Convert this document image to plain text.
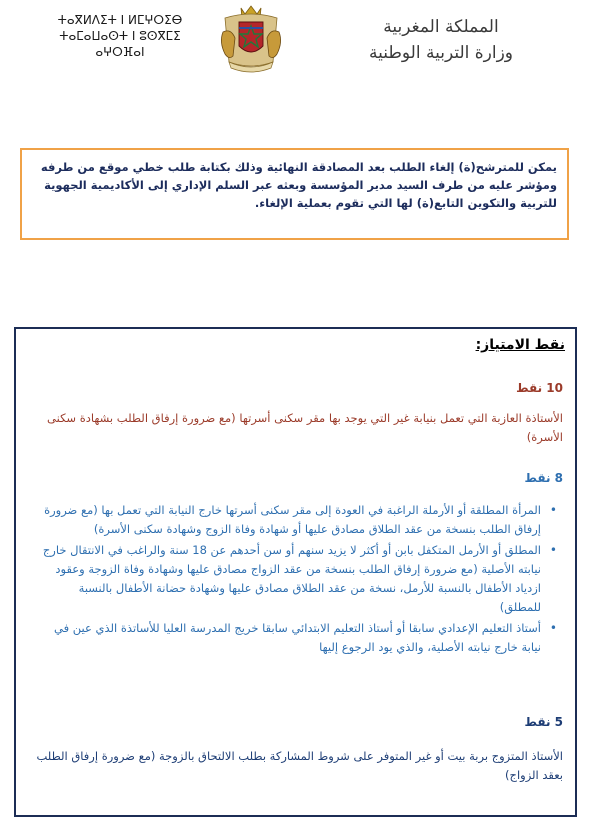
ⵜⴰⴳⵍⴷⵉⵜ ⵏ ⵍⵎⵖⵔⵉⴱ
ⵜⴰⵎⴰⵡⴰⵙⵜ ⵏ ⵓⵙⴳⵎⵉ
ⴰⵖⵔⴼⴰⵏ
المملكة المغربية
وزارة التربية الوطنية
يمكن للمترشح(ة) إلغاء الطلب بعد المصادقة النهائية وذلك بكتابة طلب خطي موقع من طرفه ومؤشر عليه من طرف السيد مدير المؤسسة وبعثه عبر السلم الإداري إلى الأكاديمية الجهوية للتربية والتكوين التابع(ة) لها التي تقوم بعملية الإلغاء.
نقط الامتياز:
10 نقط
الأستاذة العازبة التي تعمل بنيابة غير التي يوجد بها مقر سكنى أسرتها (مع ضرورة إرفاق الطلب بشهادة سكنى الأسرة)
8 نقط
•
المرأة المطلقة أو الأرملة الراغبة في العودة إلى مقر سكنى أسرتها خارج النيابة التي تعمل بها (مع ضرورة إرفاق الطلب بنسخة من عقد الطلاق مصادق عليها أو شهادة وفاة الزوج وشهادة سكنى الأسرة)
•
المطلق أو الأرمل المتكفل بابن أو أكثر لا يزيد سنهم أو سن أحدهم عن 18 سنة والراغب في الانتقال خارج نيابته الأصلية (مع ضرورة إرفاق الطلب بنسخة من عقد الزواج مصادق عليها وشهادة وفاة الزوجة وعقود ازدياد الأطفال بالنسبة للأرمل، نسخة من عقد الطلاق مصادق عليها وشهادة حضانة الأطفال بالنسبة للمطلق)
•
أستاذ التعليم الإعدادي سابقا أو أستاذ التعليم الابتدائي سابقا خريج المدرسة العليا للأساتذة الذي عين في نيابة خارج نيابته الأصلية، والذي يود الرجوع إليها
5 نقط
الأستاذ المتزوج بربة بيت أو غير المتوفر على شروط المشاركة بطلب الالتحاق بالزوجة (مع ضرورة إرفاق الطلب بعقد الزواج)
